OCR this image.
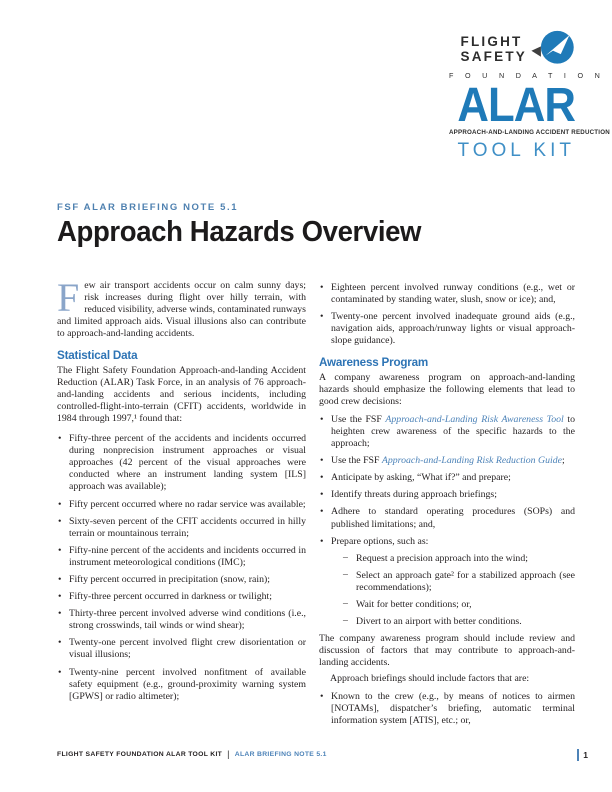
FLIGHT
SAFETY
F O U N D A T I O N
ALAR
APPROACH-AND-LANDING ACCIDENT REDUCTION
TOOL KIT
FSF ALAR BRIEFING NOTE 5.1
Approach Hazards Overview

Few air transport accidents occur on calm sunny days; risk increases during flight over hilly terrain, with reduced visibility, adverse winds, contaminated runways and limited approach aids. Visual illusions also can contribute to approach-and-landing accidents.

Statistical Data

The Flight Safety Foundation Approach-and-landing Accident Reduction (ALAR) Task Force, in an analysis of 76 approach-and-landing accidents and serious incidents, including controlled-flight-into-terrain (CFIT) accidents, worldwide in 1984 through 1997,¹ found that:

• Fifty-three percent of the accidents and incidents occurred during nonprecision instrument approaches or visual approaches (42 percent of the visual approaches were conducted where an instrument landing system [ILS] approach was available);
• Fifty percent occurred where no radar service was available;
• Sixty-seven percent of the CFIT accidents occurred in hilly terrain or mountainous terrain;
• Fifty-nine percent of the accidents and incidents occurred in instrument meteorological conditions (IMC);
• Fifty percent occurred in precipitation (snow, rain);
• Fifty-three percent occurred in darkness or twilight;
• Thirty-three percent involved adverse wind conditions (i.e., strong crosswinds, tail winds or wind shear);
• Twenty-one percent involved flight crew disorientation or visual illusions;
• Twenty-nine percent involved nonfitment of available safety equipment (e.g., ground-proximity warning system [GPWS] or radio altimeter);
• Eighteen percent involved runway conditions (e.g., wet or contaminated by standing water, slush, snow or ice); and,
• Twenty-one percent involved inadequate ground aids (e.g., navigation aids, approach/runway lights or visual approach-slope guidance).
Awareness Program

A company awareness program on approach-and-landing hazards should emphasize the following elements that lead to good crew decisions:

• Use the FSF Approach-and-Landing Risk Awareness Tool to heighten crew awareness of the specific hazards to the approach;
• Use the FSF Approach-and-Landing Risk Reduction Guide;
• Anticipate by asking, “What if?” and prepare;
• Identify threats during approach briefings;
• Adhere to standard operating procedures (SOPs) and published limitations; and,
• Prepare options, such as:
– Request a precision approach into the wind;
– Select an approach gate² for a stabilized approach (see recommendations);
– Wait for better conditions; or,
– Divert to an airport with better conditions.

The company awareness program should include review and discussion of factors that may contribute to approach-and-landing accidents.

Approach briefings should include factors that are:

• Known to the crew (e.g., by means of notices to airmen [NOTAMs], dispatcher’s briefing, automatic terminal information system [ATIS], etc.; or,
FLIGHT SAFETY FOUNDATION ALAR TOOL KIT | ALAR BRIEFING NOTE 5.1	1
